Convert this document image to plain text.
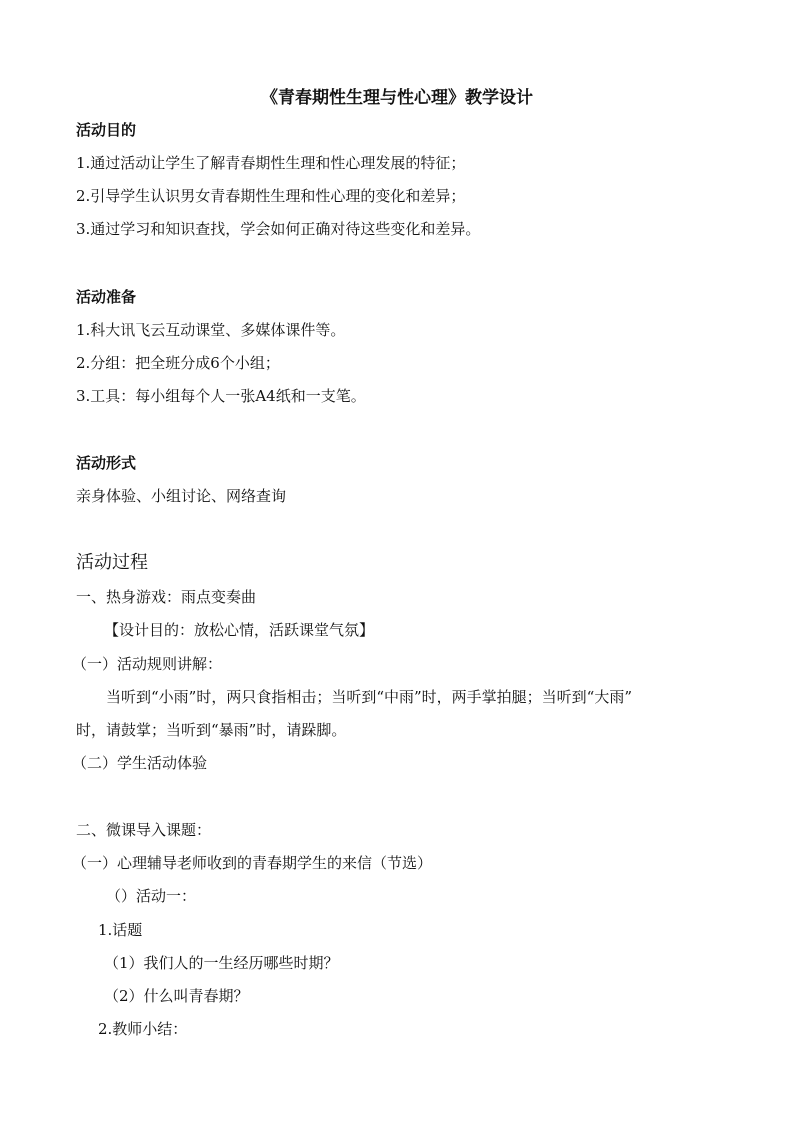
《青春期性生理与性心理》教学设计
活动目的
1.通过活动让学生了解青春期性生理和性心理发展的特征；
2.引导学生认识男女青春期性生理和性心理的变化和差异；
3.通过学习和知识查找，学会如何正确对待这些变化和差异。
活动准备
1.科大讯飞云互动课堂、多媒体课件等。
2.分组：把全班分成6个小组；
3.工具：每小组每个人一张A4纸和一支笔。
活动形式
亲身体验、小组讨论、网络查询
活动过程
一、热身游戏：雨点变奏曲
【设计目的：放松心情，活跃课堂气氛】
（一）活动规则讲解：
当听到“小雨”时，两只食指相击；当听到“中雨”时，两手掌拍腿；当听到“大雨”
时，请鼓掌；当听到“暴雨”时，请跺脚。
（二）学生活动体验
二、微课导入课题：
（一）心理辅导老师收到的青春期学生的来信（节选）
（）活动一：
1.话题
（1）我们人的一生经历哪些时期？
（2）什么叫青春期？
2.教师小结：
